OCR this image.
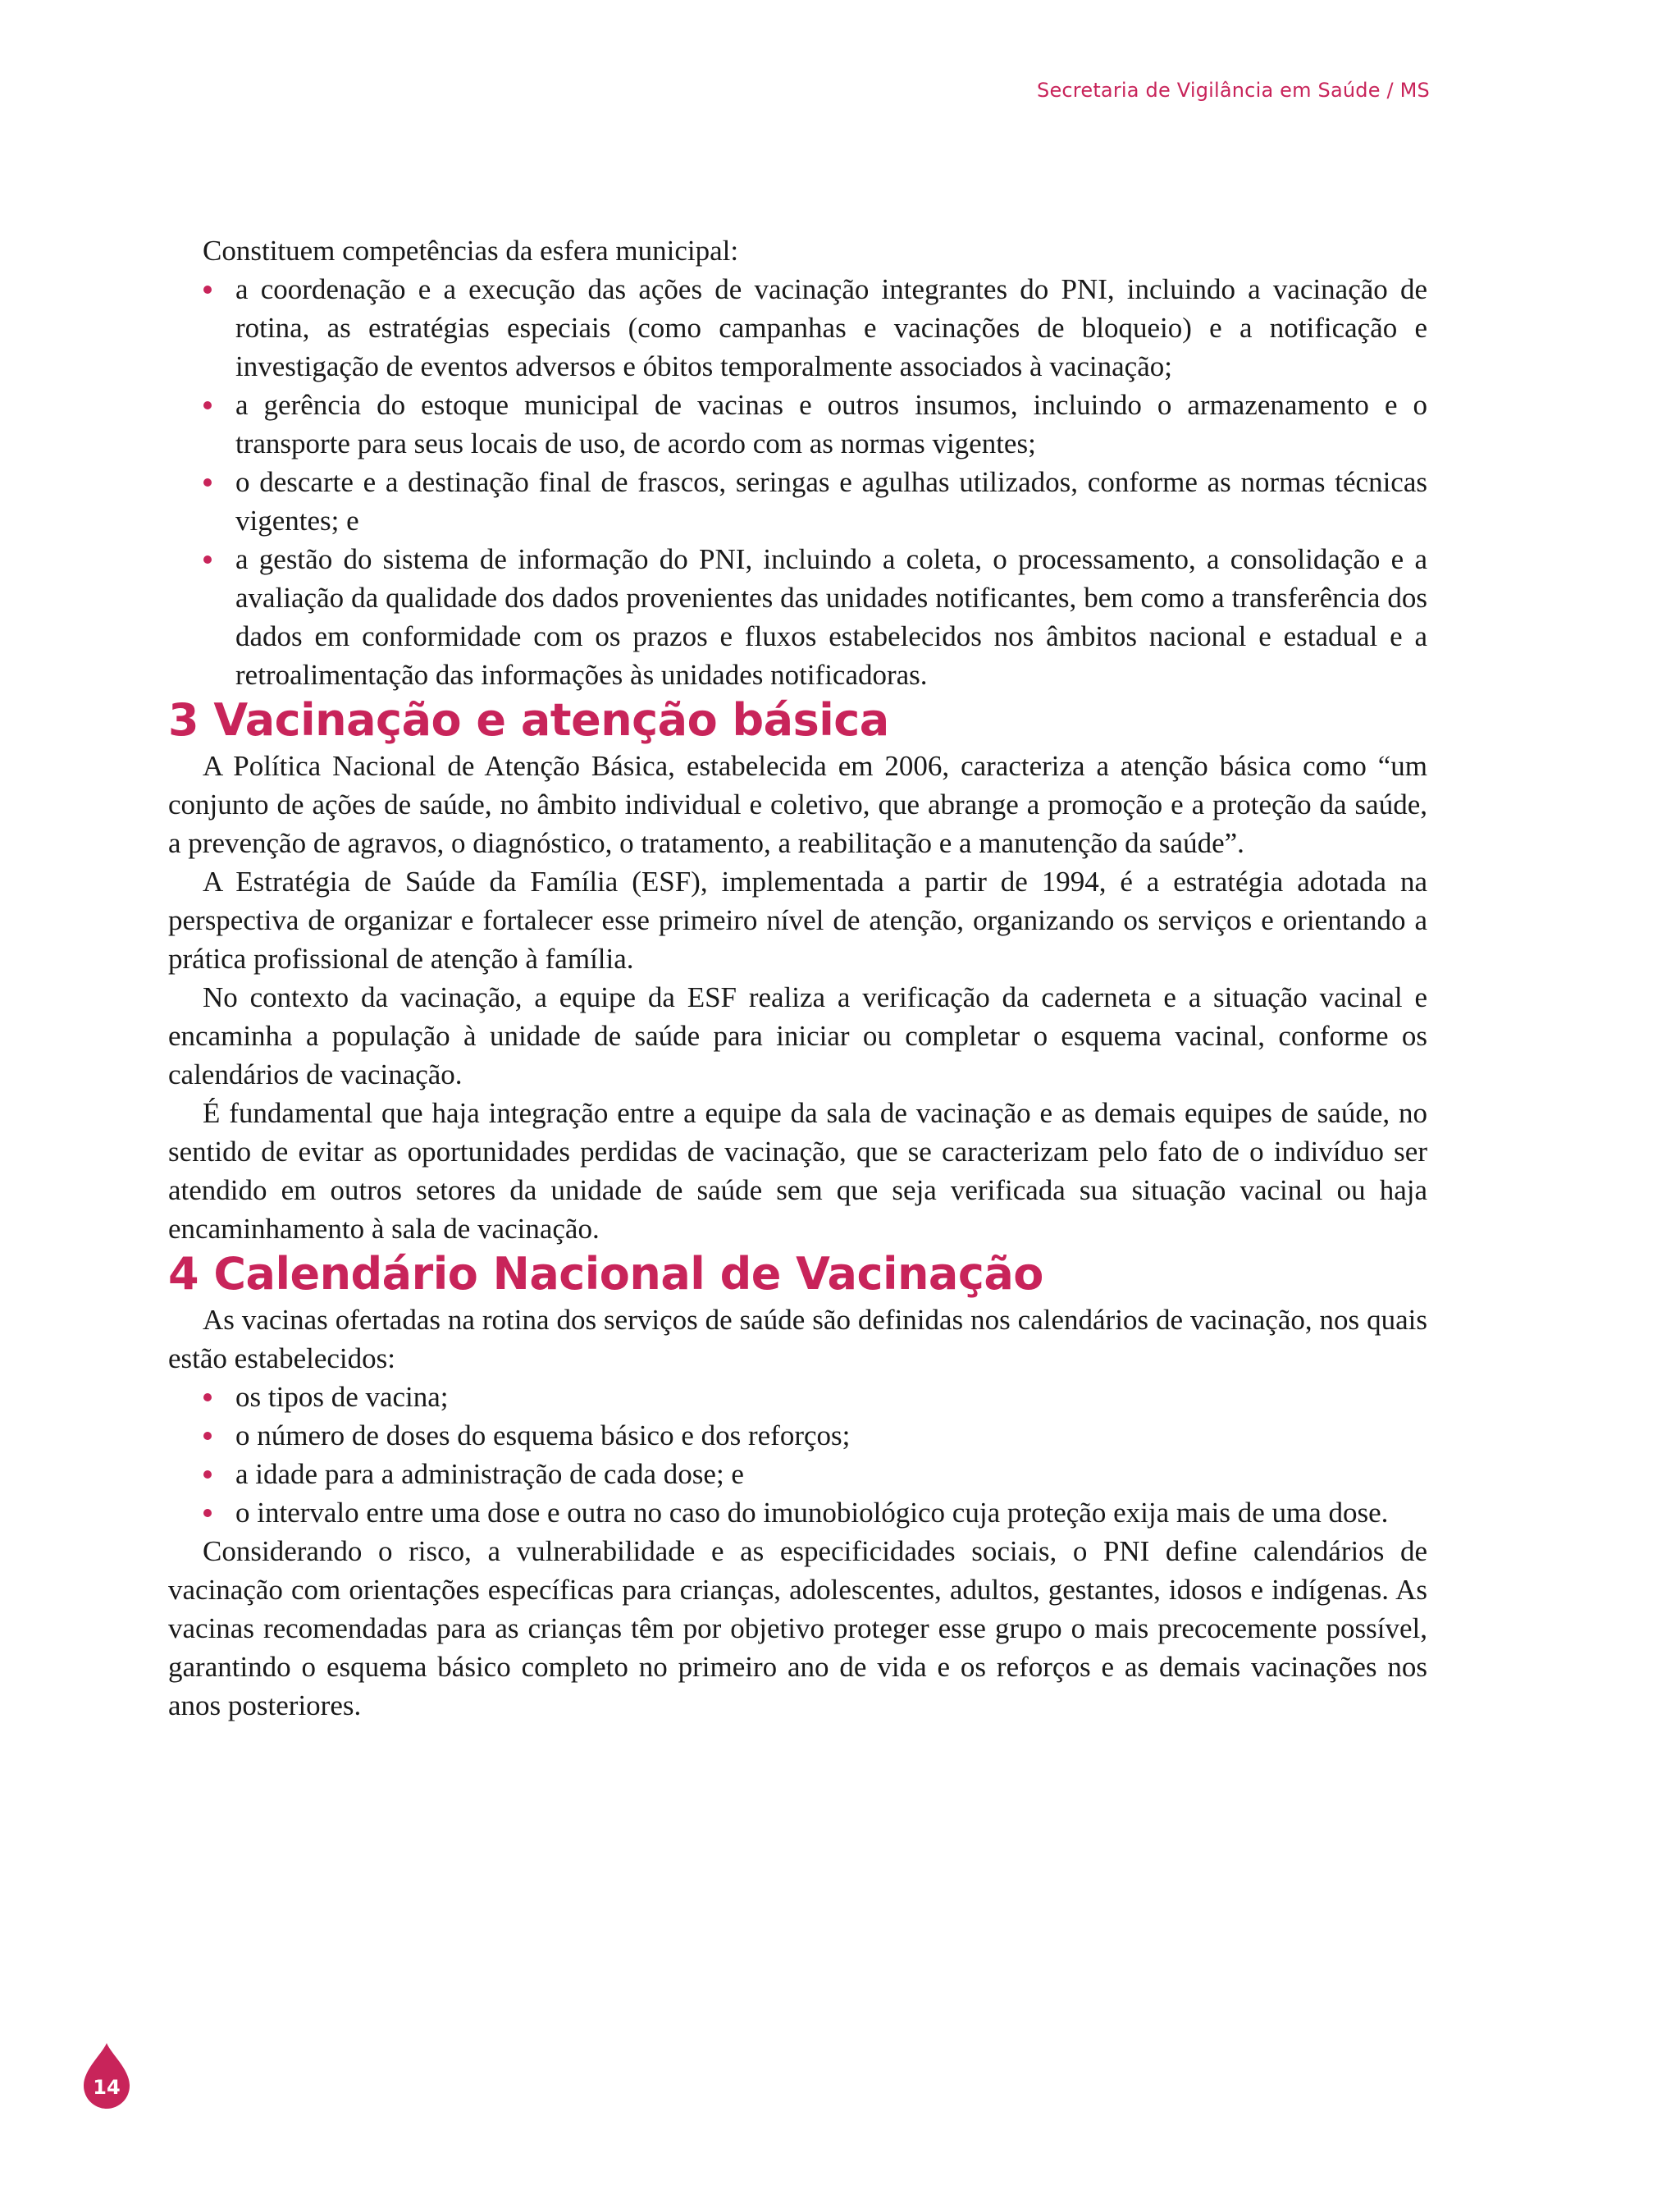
Secretaria de Vigilância em Saúde / MS

Constituem competências da esfera municipal:

a coordenação e a execução das ações de vacinação integrantes do PNI, incluindo a vacinação de rotina, as estratégias especiais (como campanhas e vacinações de bloqueio) e a notificação e investigação de eventos adversos e óbitos temporalmente associados à vacinação;
a gerência do estoque municipal de vacinas e outros insumos, incluindo o armazenamento e o transporte para seus locais de uso, de acordo com as normas vigentes;
o descarte e a destinação final de frascos, seringas e agulhas utilizados, conforme as normas técnicas vigentes; e
a gestão do sistema de informação do PNI, incluindo a coleta, o processamento, a consolidação e a avaliação da qualidade dos dados provenientes das unidades notificantes, bem como a transferência dos dados em conformidade com os prazos e fluxos estabelecidos nos âmbitos nacional e estadual e a retroalimentação das informações às unidades notificadoras.
3 Vacinação e atenção básica

A Política Nacional de Atenção Básica, estabelecida em 2006, caracteriza a atenção básica como “um conjunto de ações de saúde, no âmbito individual e coletivo, que abrange a promoção e a proteção da saúde, a prevenção de agravos, o diagnóstico, o tratamento, a reabilitação e a manutenção da saúde”.

A Estratégia de Saúde da Família (ESF), implementada a partir de 1994, é a estratégia adotada na perspectiva de organizar e fortalecer esse primeiro nível de atenção, organizando os serviços e orientando a prática profissional de atenção à família.

No contexto da vacinação, a equipe da ESF realiza a verificação da caderneta e a situação vacinal e encaminha a população à unidade de saúde para iniciar ou completar o esquema vacinal, conforme os calendários de vacinação.

É fundamental que haja integração entre a equipe da sala de vacinação e as demais equipes de saúde, no sentido de evitar as oportunidades perdidas de vacinação, que se caracterizam pelo fato de o indivíduo ser atendido em outros setores da unidade de saúde sem que seja verificada sua situação vacinal ou haja encaminhamento à sala de vacinação.

4 Calendário Nacional de Vacinação

As vacinas ofertadas na rotina dos serviços de saúde são definidas nos calendários de vacinação, nos quais estão estabelecidos:

os tipos de vacina;
o número de doses do esquema básico e dos reforços;
a idade para a administração de cada dose; e
o intervalo entre uma dose e outra no caso do imunobiológico cuja proteção exija mais de uma dose.

Considerando o risco, a vulnerabilidade e as especificidades sociais, o PNI define calendários de vacinação com orientações específicas para crianças, adolescentes, adultos, gestantes, idosos e indígenas. As vacinas recomendadas para as crianças têm por objetivo proteger esse grupo o mais precocemente possível, garantindo o esquema básico completo no primeiro ano de vida e os reforços e as demais vacinações nos anos posteriores.

14
